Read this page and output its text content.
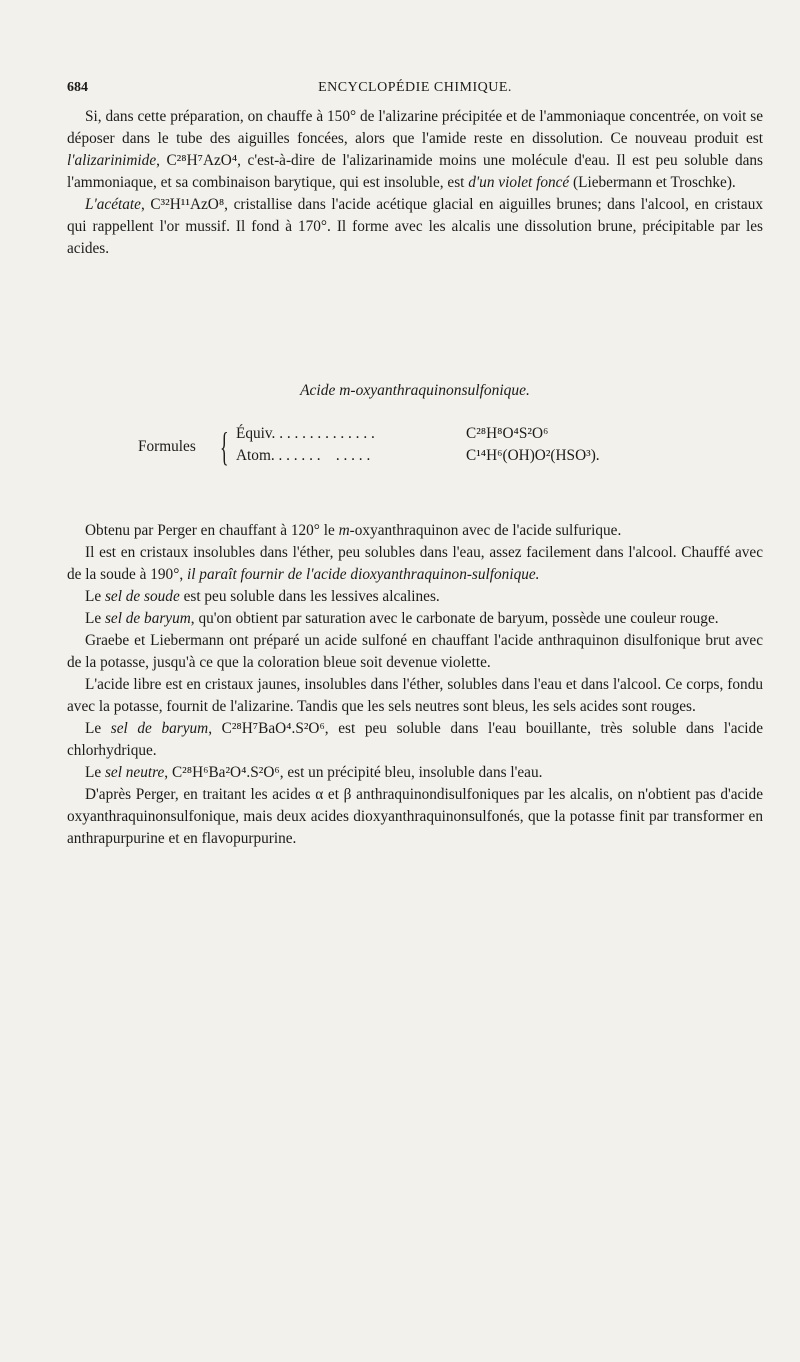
684	ENCYCLOPÉDIE CHIMIQUE.

Si, dans cette préparation, on chauffe à 150° de l'alizarine précipitée et de l'ammoniaque concentrée, on voit se déposer dans le tube des aiguilles foncées, alors que l'amide reste en dissolution. Ce nouveau produit est l'alizarinimide, C²⁸H⁷AzO⁴, c'est-à-dire de l'alizarinamide moins une molécule d'eau. Il est peu soluble dans l'ammoniaque, et sa combinaison barytique, qui est insoluble, est d'un violet foncé (Liebermann et Troschke).

L'acétate, C³²H¹¹AzO⁸, cristallise dans l'acide acétique glacial en aiguilles brunes; dans l'alcool, en cristaux qui rappellent l'or mussif. Il fond à 170°. Il forme avec les alcalis une dissolution brune, précipitable par les acides.

Acide m-oxyanthraquinonsulfonique.
Formules { Équiv. . . . . . . . . . . . . .	C²⁸H⁸O⁴S²O⁶
Atom. . . . . . .    . . . . .	C¹⁴H⁶(OH)O²(HSO³).

Obtenu par Perger en chauffant à 120° le m-oxyanthraquinon avec de l'acide sulfurique.

Il est en cristaux insolubles dans l'éther, peu solubles dans l'eau, assez facilement dans l'alcool. Chauffé avec de la soude à 190°, il paraît fournir de l'acide dioxyanthraquinon-sulfonique.

Le sel de soude est peu soluble dans les lessives alcalines.

Le sel de baryum, qu'on obtient par saturation avec le carbonate de baryum, possède une couleur rouge.

Graebe et Liebermann ont préparé un acide sulfoné en chauffant l'acide anthraquinon disulfonique brut avec de la potasse, jusqu'à ce que la coloration bleue soit devenue violette.

L'acide libre est en cristaux jaunes, insolubles dans l'éther, solubles dans l'eau et dans l'alcool. Ce corps, fondu avec la potasse, fournit de l'alizarine. Tandis que les sels neutres sont bleus, les sels acides sont rouges.

Le sel de baryum, C²⁸H⁷BaO⁴.S²O⁶, est peu soluble dans l'eau bouillante, très soluble dans l'acide chlorhydrique.

Le sel neutre, C²⁸H⁶Ba²O⁴.S²O⁶, est un précipité bleu, insoluble dans l'eau.

D'après Perger, en traitant les acides α et β anthraquinondisulfoniques par les alcalis, on n'obtient pas d'acide oxyanthraquinonsulfonique, mais deux acides dioxyanthraquinonsulfonés, que la potasse finit par transformer en anthrapurpurine et en flavopurpurine.
